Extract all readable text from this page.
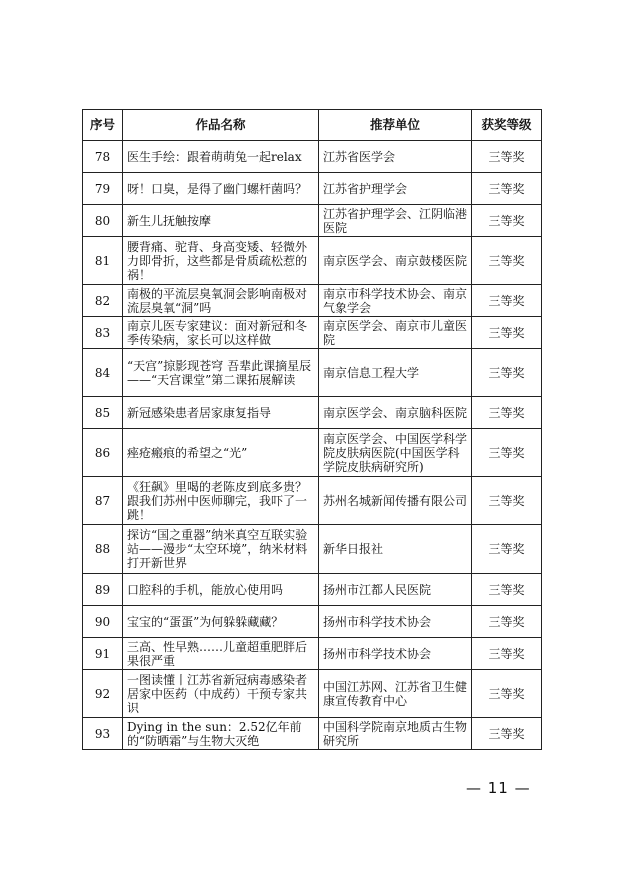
序号	作品名称	推荐单位	获奖等级
78	医生手绘：跟着萌萌兔一起relax	江苏省医学会	三等奖
79	呀！口臭，是得了幽门螺杆菌吗？	江苏省护理学会	三等奖
80	新生儿抚触按摩	江苏省护理学会、江阴临港医院	三等奖
81	腰背痛、驼背、身高变矮、轻微外力即骨折，这些都是骨质疏松惹的祸！	南京医学会、南京鼓楼医院	三等奖
82	南极的平流层臭氧洞会影响南极对流层臭氧“洞”吗	南京市科学技术协会、南京气象学会	三等奖
83	南京儿医专家建议：面对新冠和冬季传染病，家长可以这样做	南京医学会、南京市儿童医院	三等奖
84	“天宫”掠影现苍穹 吾辈此课摘星辰——“天宫课堂”第二课拓展解读	南京信息工程大学	三等奖
85	新冠感染患者居家康复指导	南京医学会、南京脑科医院	三等奖
86	痤疮瘢痕的希望之“光”	南京医学会、中国医学科学院皮肤病医院(中国医学科学院皮肤病研究所)	三等奖
87	《狂飙》里喝的老陈皮到底多贵？跟我们苏州中医师聊完，我吓了一跳！	苏州名城新闻传播有限公司	三等奖
88	探访“国之重器”纳米真空互联实验站——漫步“太空环境”，纳米材料打开新世界	新华日报社	三等奖
89	口腔科的手机，能放心使用吗	扬州市江都人民医院	三等奖
90	宝宝的“蛋蛋”为何躲躲藏藏？	扬州市科学技术协会	三等奖
91	三高、性早熟……儿童超重肥胖后果很严重	扬州市科学技术协会	三等奖
92	一图读懂丨江苏省新冠病毒感染者居家中医药（中成药）干预专家共识	中国江苏网、江苏省卫生健康宣传教育中心	三等奖
93	Dying in the sun：2.52亿年前的“防晒霜”与生物大灭绝	中国科学院南京地质古生物研究所	三等奖
— 11 —
